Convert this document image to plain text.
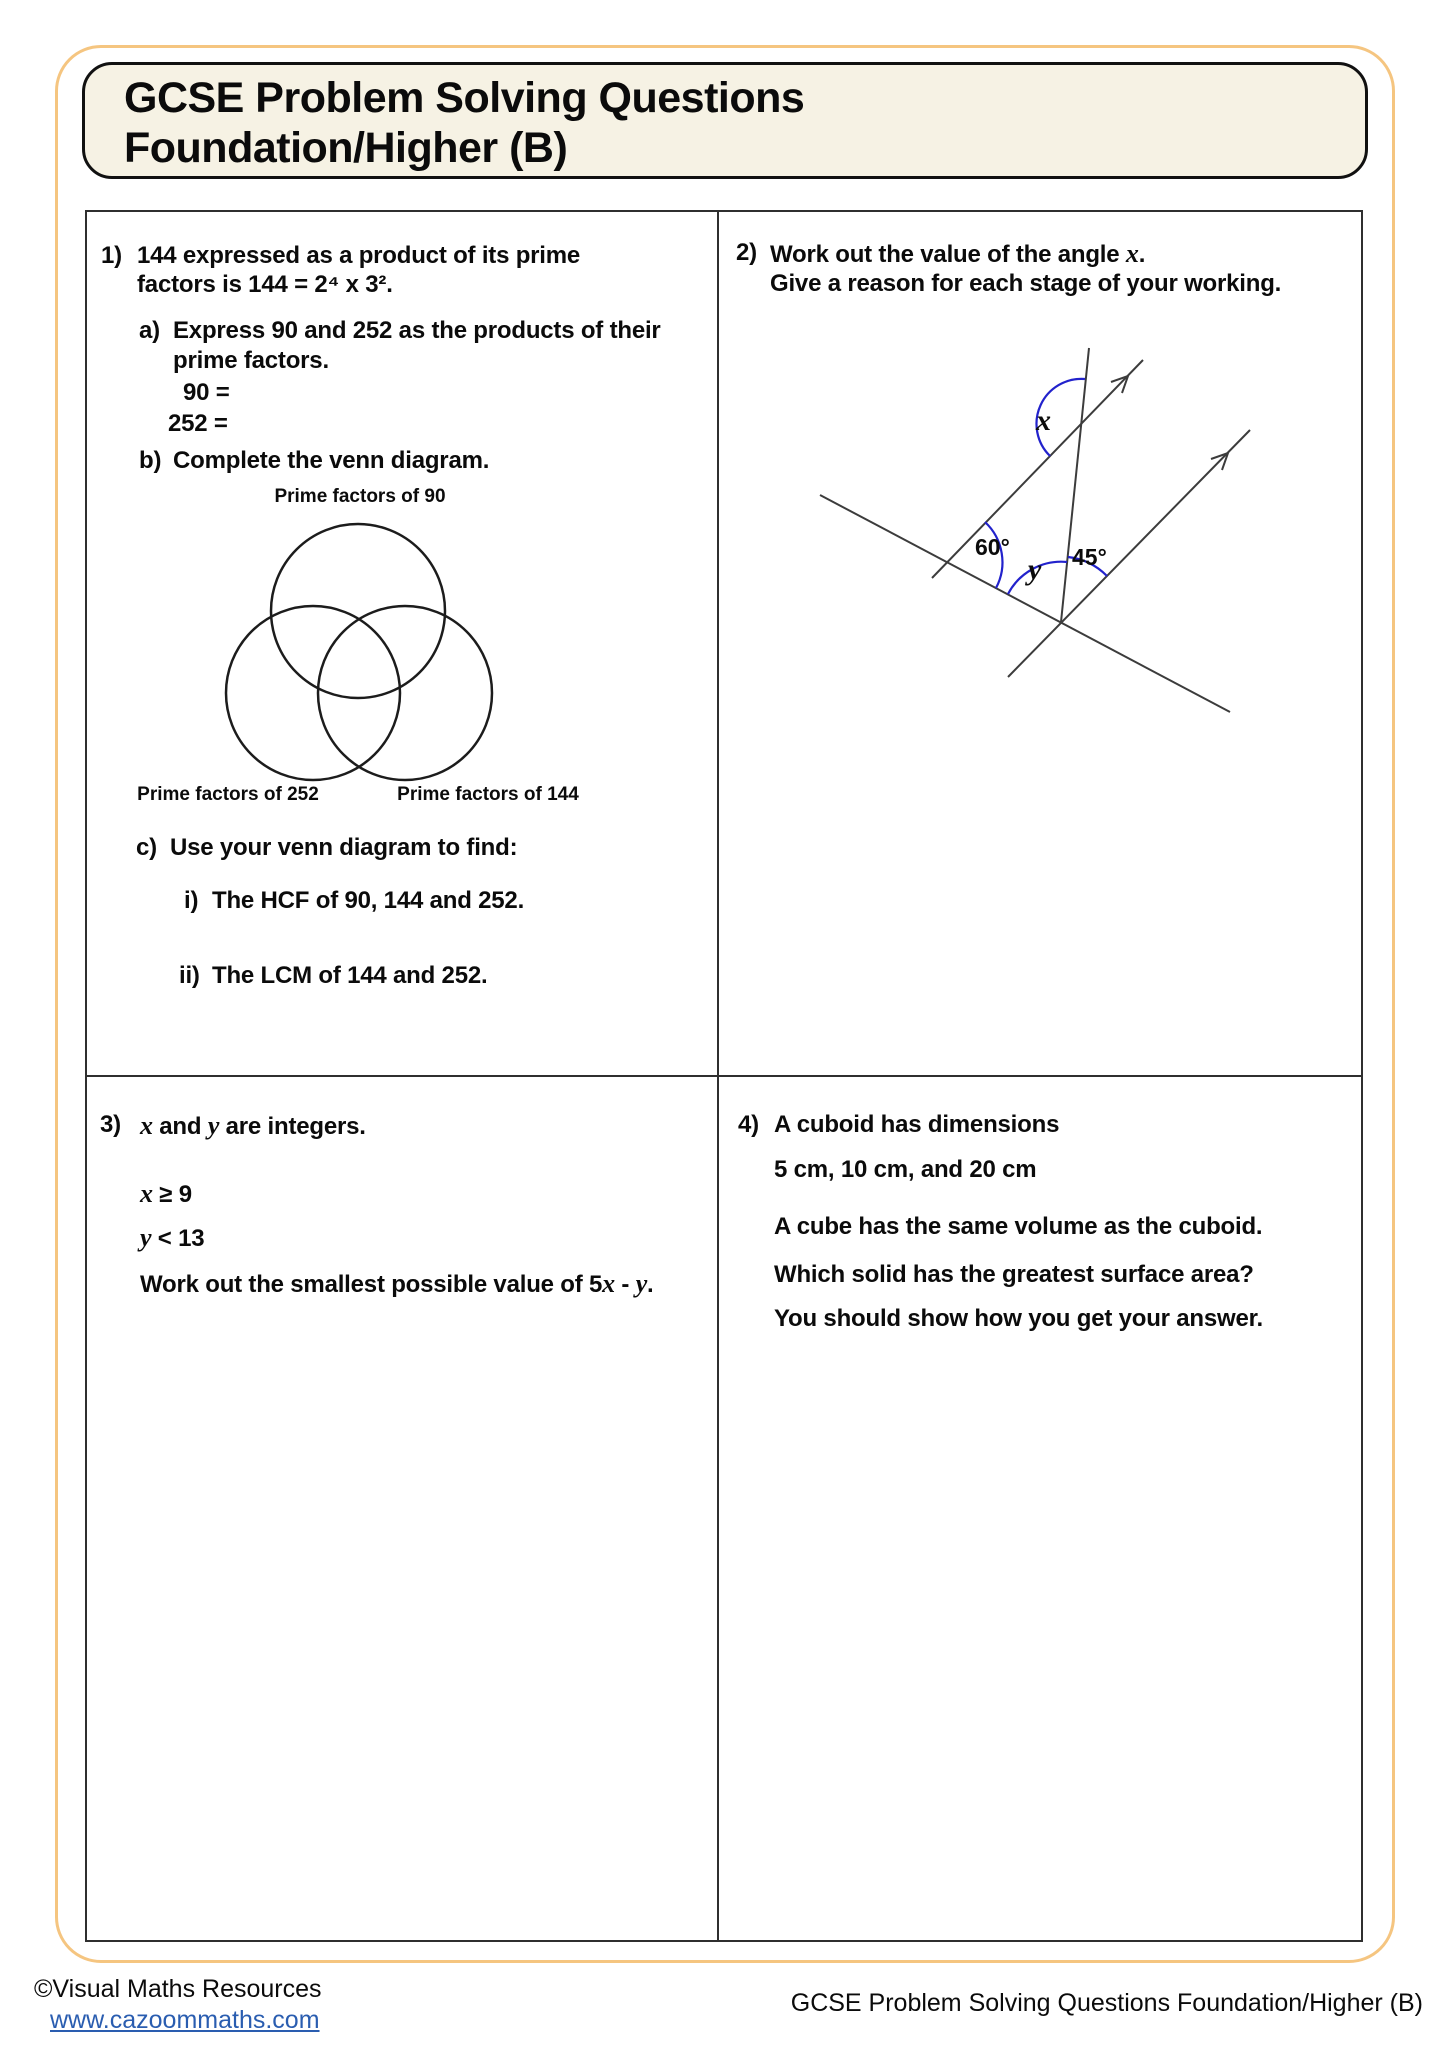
GCSE Problem Solving Questions
Foundation/Higher (B)
1) 144 expressed as a product of its prime
factors is 144 = 2⁴ x 3².
a) Express 90 and 252 as the products of their
prime factors.
90 =
252 =
b) Complete the venn diagram.
Prime factors of 90
Prime factors of 252	Prime factors of 144
c) Use your venn diagram to find:
i) The HCF of 90, 144 and 252.
ii) The LCM of 144 and 252.
2) Work out the value of the angle x.
Give a reason for each stage of your working.
x
60°
y 45°
3) x and y are integers.
x ≥ 9
y < 13
Work out the smallest possible value of 5x - y.
4) A cuboid has dimensions
5 cm, 10 cm, and 20 cm
A cube has the same volume as the cuboid.
Which solid has the greatest surface area?
You should show how you get your answer.
©Visual Maths Resources
www.cazoommaths.com
GCSE Problem Solving Questions Foundation/Higher (B)
